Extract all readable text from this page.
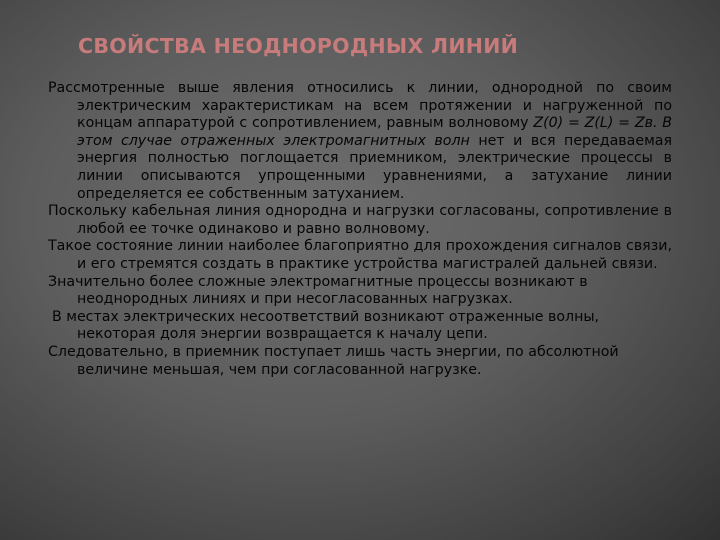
СВОЙСТВА НЕОДНОРОДНЫХ ЛИНИЙ

Рассмотренные выше явления относились к линии, однородной по своим электрическим характеристикам на всем протяжении и нагруженной по концам аппаратурой с сопротивлением, равным волновому Z(0) = Z(L) = Zв. В этом случае отраженных электромагнитных волн нет и вся передаваемая энергия полностью поглощается приемником, электрические процессы в линии описываются упрощенными уравнениями, а затухание линии определяется ее собственным затуханием.

Поскольку кабельная линия однородна и нагрузки согласованы, сопротивление в любой ее точке одинаково и равно волновому.

Такое состояние линии наиболее благоприятно для прохождения сигналов связи, и его стремятся создать в практике устройства магистралей дальней связи.

Значительно более сложные электромагнитные процессы возникают в неоднородных линиях и при несогласованных нагрузках.

В местах электрических несоответствий возникают отраженные волны, некоторая доля энергии возвращается к началу цепи.

Следовательно, в приемник поступает лишь часть энергии, по абсолютной величине меньшая, чем при согласованной нагрузке.
